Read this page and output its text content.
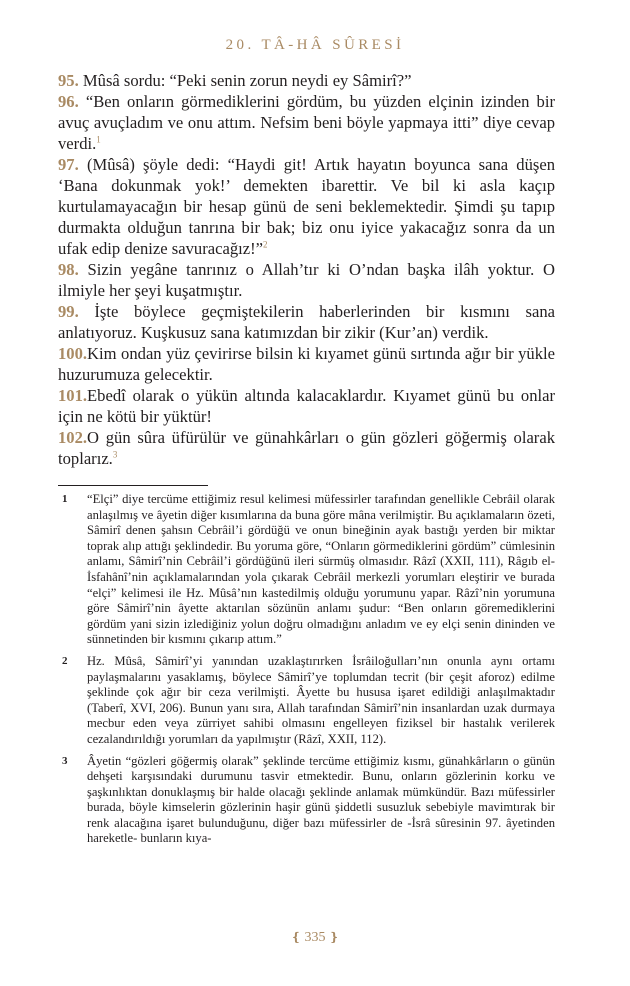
20. TÂ-HÂ SÛRESİ

95. Mûsâ sordu: “Peki senin zorun neydi ey Sâmirî?”

96. “Ben onların görmediklerini gördüm, bu yüzden elçinin izinden bir avuç avuçladım ve onu attım. Nefsim beni böyle yapmaya itti” diye cevap verdi.$^1$

97. (Mûsâ) şöyle dedi: “Haydi git! Artık hayatın boyunca sana düşen ‘Bana dokunmak yok!’ demekten ibarettir. Ve bil ki asla kaçıp kurtulamayacağın bir hesap günü de seni beklemektedir. Şimdi şu tapıp durmakta olduğun tanrına bir bak; biz onu iyice yakacağız sonra da un ufak edip denize savuracağız!”$^2$

98. Sizin yegâne tanrınız o Allah’tır ki O’ndan başka ilâh yoktur. O ilmiyle her şeyi kuşatmıştır.

99. İşte böylece geçmiştekilerin haberlerinden bir kısmını sana anlatıyoruz. Kuşkusuz sana katımızdan bir zikir (Kur’an) verdik.

100.Kim ondan yüz çevirirse bilsin ki kıyamet günü sırtında ağır bir yükle huzurumuza gelecektir.

101.Ebedî olarak o yükün altında kalacaklardır. Kıyamet günü bu onlar için ne kötü bir yüktür!

102.O gün sûra üfürülür ve günahkârları o gün gözleri göğermiş olarak toplarız.$^3$

1 “Elçi” diye tercüme ettiğimiz resul kelimesi müfessirler tarafından genellikle Cebrâil olarak anlaşılmış ve âyetin diğer kısımlarına da buna göre mâna verilmiştir. Bu açıklamaların özeti, Sâmirî denen şahsın Cebrâil’i gördüğü ve onun bineğinin ayak bastığı yerden bir miktar toprak alıp attığı şeklindedir. Bu yoruma göre, “Onların görmediklerini gördüm” cümlesinin anlamı, Sâmirî’nin Cebrâil’i gördüğünü ileri sürmüş olmasıdır. Râzî (XXII, 111), Râgıb el-İsfahânî’nin açıklamalarından yola çıkarak Cebrâil merkezli yorumları eleştirir ve burada “elçi” kelimesi ile Hz. Mûsâ’nın kastedilmiş olduğu yorumunu yapar. Râzî’nin yorumuna göre Sâmirî’nin âyette aktarılan sözünün anlamı şudur: “Ben onların göremediklerini gördüm yani sizin izlediğiniz yolun doğru olmadığını anladım ve ey elçi senin dininden ve sünnetinden bir kısmını çıkarıp attım.”

2 Hz. Mûsâ, Sâmirî’yi yanından uzaklaştırırken İsrâiloğulları’nın onunla aynı ortamı paylaşmalarını yasaklamış, böylece Sâmirî’ye toplumdan tecrit (bir çeşit aforoz) edilme şeklinde çok ağır bir ceza verilmişti. Âyette bu hususa işaret edildiği anlaşılmaktadır (Taberî, XVI, 206). Bunun yanı sıra, Allah tarafından Sâmirî’nin insanlardan uzak durmaya mecbur eden veya zürriyet sahibi olmasını engelleyen fiziksel bir hastalık verilerek cezalandırıldığı yorumları da yapılmıştır (Râzî, XXII, 112).

3 Âyetin “gözleri göğermiş olarak” şeklinde tercüme ettiğimiz kısmı, günahkârların o günün dehşeti karşısındaki durumunu tasvir etmektedir. Bunu, onların gözlerinin korku ve şaşkınlıktan donuklaşmış bir halde olacağı şeklinde anlamak mümkündür. Bazı müfessirler burada, böyle kimselerin gözlerinin haşir günü şiddetli susuzluk sebebiyle mavimtırak bir renk alacağına işaret bulunduğunu, diğer bazı müfessirler de -İsrâ sûresinin 97. âyetinden hareketle- bunların kıya-

❴ 335 ❵
